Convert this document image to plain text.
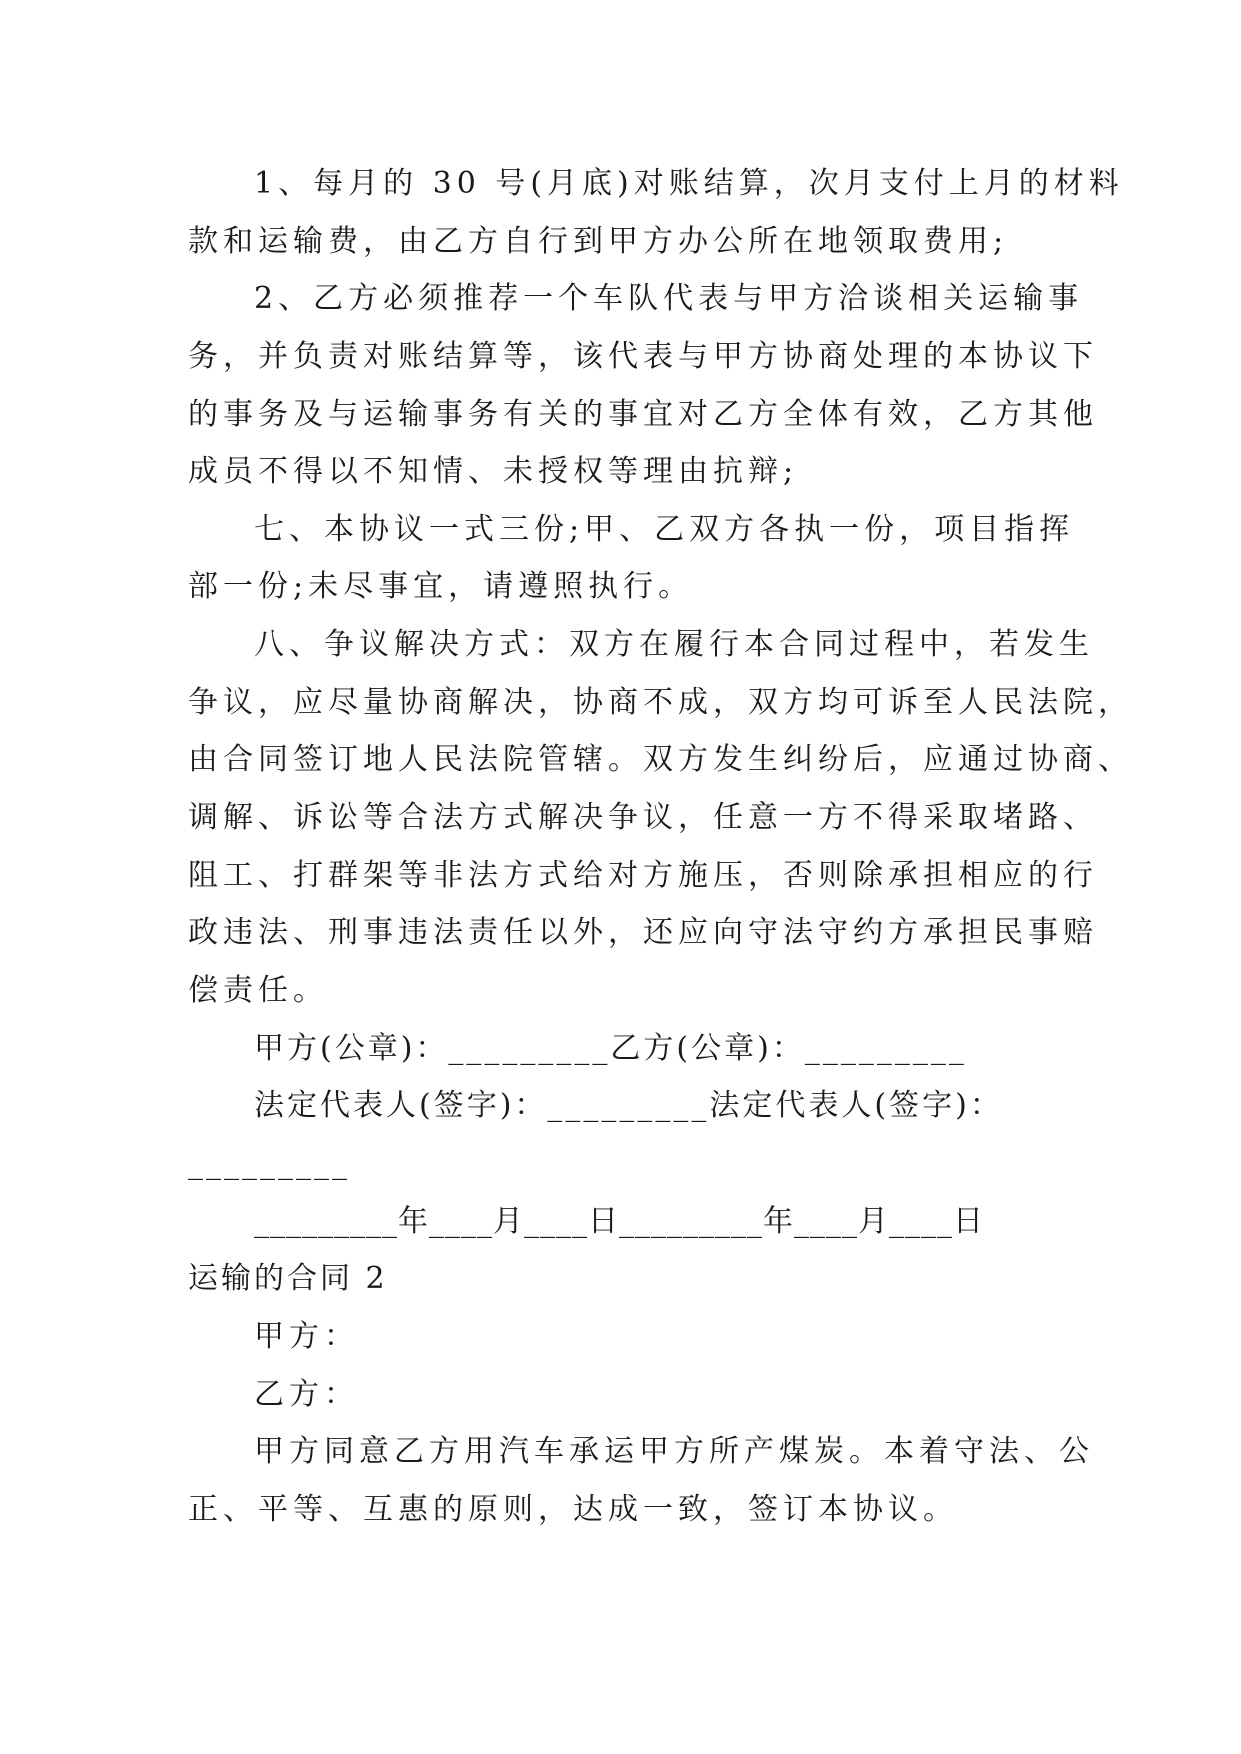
1、每月的 30 号(月底)对账结算，次月支付上月的材料

款和运输费，由乙方自行到甲方办公所在地领取费用;

2、乙方必须推荐一个车队代表与甲方洽谈相关运输事

务，并负责对账结算等，该代表与甲方协商处理的本协议下

的事务及与运输事务有关的事宜对乙方全体有效，乙方其他

成员不得以不知情、未授权等理由抗辩;

七、本协议一式三份;甲、乙双方各执一份，项目指挥

部一份;未尽事宜，请遵照执行。

八、争议解决方式：双方在履行本合同过程中，若发生

争议，应尽量协商解决，协商不成，双方均可诉至人民法院，

由合同签订地人民法院管辖。双方发生纠纷后，应通过协商、

调解、诉讼等合法方式解决争议，任意一方不得采取堵路、

阻工、打群架等非法方式给对方施压，否则除承担相应的行

政违法、刑事违法责任以外，还应向守法守约方承担民事赔

偿责任。

甲方(公章)：_________乙方(公章)：_________

法定代表人(签字)：_________法定代表人(签字)：

_________

_________年____月____日_________年____月____日

运输的合同 2

甲方：

乙方：

甲方同意乙方用汽车承运甲方所产煤炭。本着守法、公

正、平等、互惠的原则，达成一致，签订本协议。
